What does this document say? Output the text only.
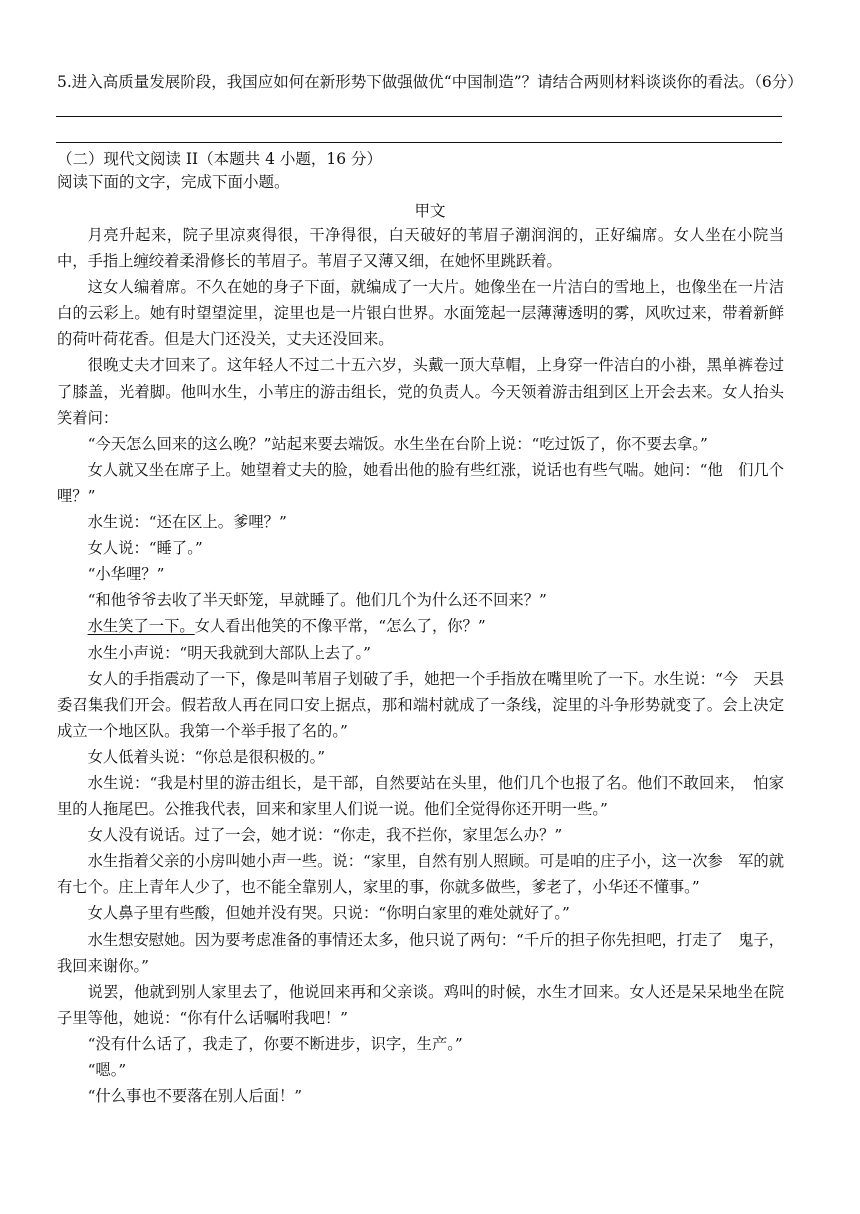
5.进入高质量发展阶段，我国应如何在新形势下做强做优“中国制造”？请结合两则材料谈谈你的看法。（6分）
（二）现代文阅读 II（本题共 4 小题，16 分）
阅读下面的文字，完成下面小题。
甲文

月亮升起来，院子里凉爽得很，干净得很，白天破好的苇眉子潮润润的，正好编席。女人坐在小院当中，手指上缠绞着柔滑修长的苇眉子。苇眉子又薄又细，在她怀里跳跃着。

这女人编着席。不久在她的身子下面，就编成了一大片。她像坐在一片洁白的雪地上，也像坐在一片洁白的云彩上。她有时望望淀里，淀里也是一片银白世界。水面笼起一层薄薄透明的雾，风吹过来，带着新鲜的荷叶荷花香。但是大门还没关，丈夫还没回来。

很晚丈夫才回来了。这年轻人不过二十五六岁，头戴一顶大草帽，上身穿一件洁白的小褂，黑单裤卷过了膝盖，光着脚。他叫水生，小苇庄的游击组长，党的负责人。今天领着游击组到区上开会去来。女人抬头笑着问：

“今天怎么回来的这么晚？”站起来要去端饭。水生坐在台阶上说：“吃过饭了，你不要去拿。”

女人就又坐在席子上。她望着丈夫的脸，她看出他的脸有些红涨，说话也有些气喘。她问：“他　们几个哩？”

水生说：“还在区上。爹哩？”

女人说：“睡了。”

“小华哩？”

“和他爷爷去收了半天虾笼，早就睡了。他们几个为什么还不回来？”

水生笑了一下。女人看出他笑的不像平常，“怎么了，你？”

水生小声说：“明天我就到大部队上去了。”

女人的手指震动了一下，像是叫苇眉子划破了手，她把一个手指放在嘴里吮了一下。水生说：“今　天县委召集我们开会。假若敌人再在同口安上据点，那和端村就成了一条线，淀里的斗争形势就变了。会上决定成立一个地区队。我第一个举手报了名的。”

女人低着头说：“你总是很积极的。”

水生说：“我是村里的游击组长，是干部，自然要站在头里，他们几个也报了名。他们不敢回来，　怕家里的人拖尾巴。公推我代表，回来和家里人们说一说。他们全觉得你还开明一些。”

女人没有说话。过了一会，她才说：“你走，我不拦你，家里怎么办？”

水生指着父亲的小房叫她小声一些。说：“家里，自然有别人照顾。可是咱的庄子小，这一次参　军的就有七个。庄上青年人少了，也不能全靠别人，家里的事，你就多做些，爹老了，小华还不懂事。”

女人鼻子里有些酸，但她并没有哭。只说：“你明白家里的难处就好了。”

水生想安慰她。因为要考虑准备的事情还太多，他只说了两句：“千斤的担子你先担吧，打走了　鬼子，我回来谢你。”

说罢，他就到别人家里去了，他说回来再和父亲谈。鸡叫的时候，水生才回来。女人还是呆呆地坐在院子里等他，她说：“你有什么话嘱咐我吧！”

“没有什么话了，我走了，你要不断进步，识字，生产。”

“嗯。”

“什么事也不要落在别人后面！”
